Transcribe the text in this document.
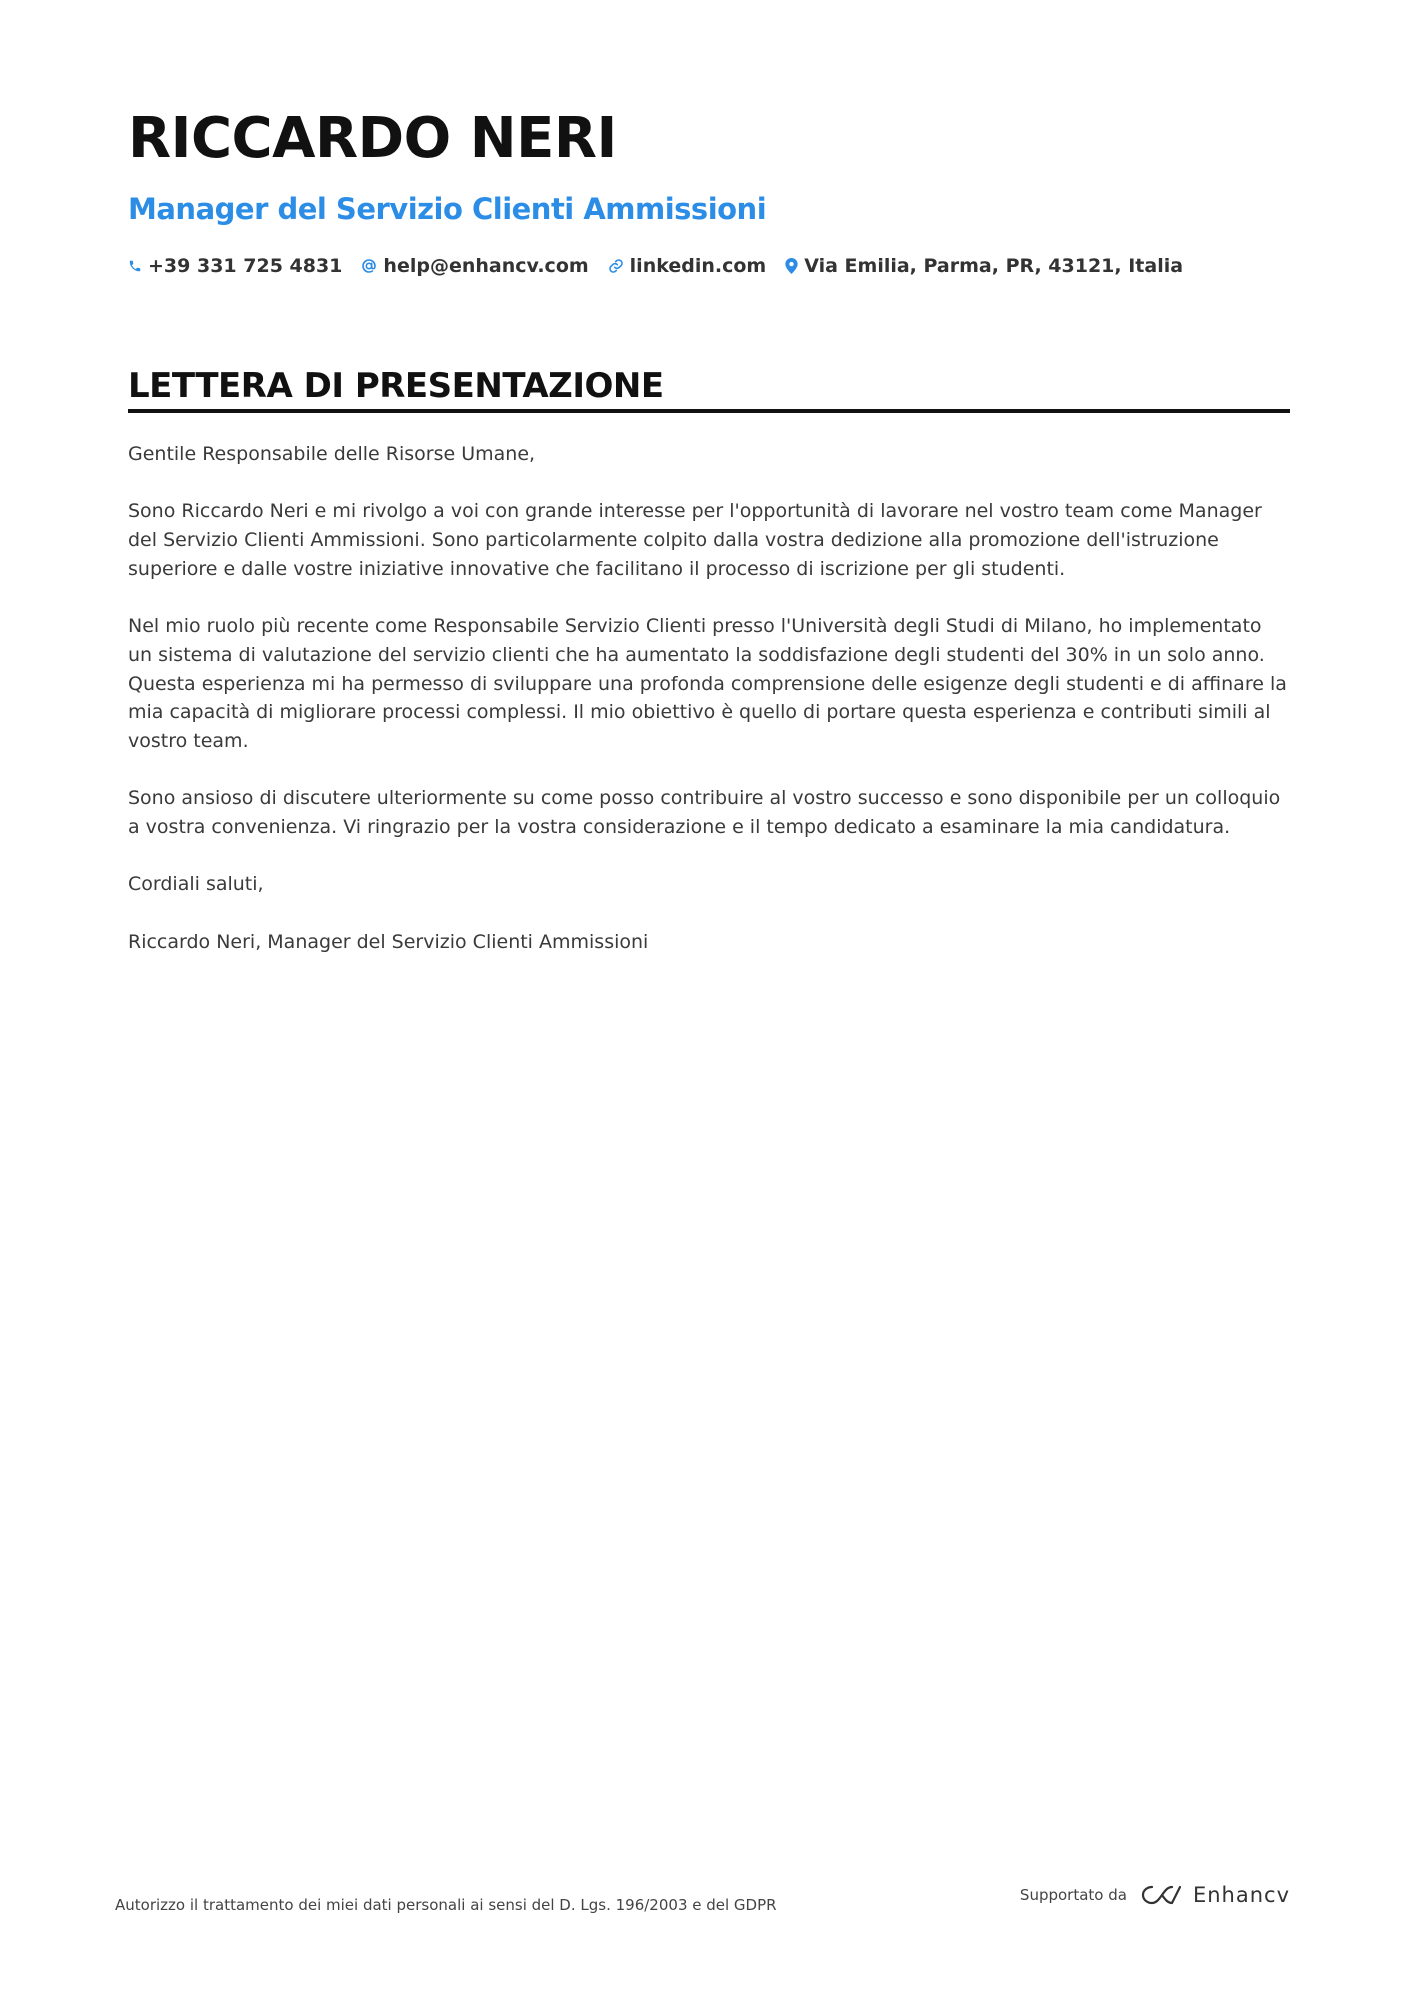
RICCARDO NERI
Manager del Servizio Clienti Ammissioni
+39 331 725 4831 help@enhancv.com linkedin.com Via Emilia, Parma, PR, 43121, Italia
LETTERA DI PRESENTAZIONE

Gentile Responsabile delle Risorse Umane,

Sono Riccardo Neri e mi rivolgo a voi con grande interesse per l'opportunità di lavorare nel vostro team come Manager del Servizio Clienti Ammissioni. Sono particolarmente colpito dalla vostra dedizione alla promozione dell'istruzione superiore e dalle vostre iniziative innovative che facilitano il processo di iscrizione per gli studenti.

Nel mio ruolo più recente come Responsabile Servizio Clienti presso l'Università degli Studi di Milano, ho implementato un sistema di valutazione del servizio clienti che ha aumentato la soddisfazione degli studenti del 30% in un solo anno. Questa esperienza mi ha permesso di sviluppare una profonda comprensione delle esigenze degli studenti e di affinare la mia capacità di migliorare processi complessi. Il mio obiettivo è quello di portare questa esperienza e contributi simili al vostro team.

Sono ansioso di discutere ulteriormente su come posso contribuire al vostro successo e sono disponibile per un colloquio a vostra convenienza. Vi ringrazio per la vostra considerazione e il tempo dedicato a esaminare la mia candidatura.

Cordiali saluti,

Riccardo Neri, Manager del Servizio Clienti Ammissioni

Autorizzo il trattamento dei miei dati personali ai sensi del D. Lgs. 196/2003 e del GDPR
Supportato da	Enhancv
